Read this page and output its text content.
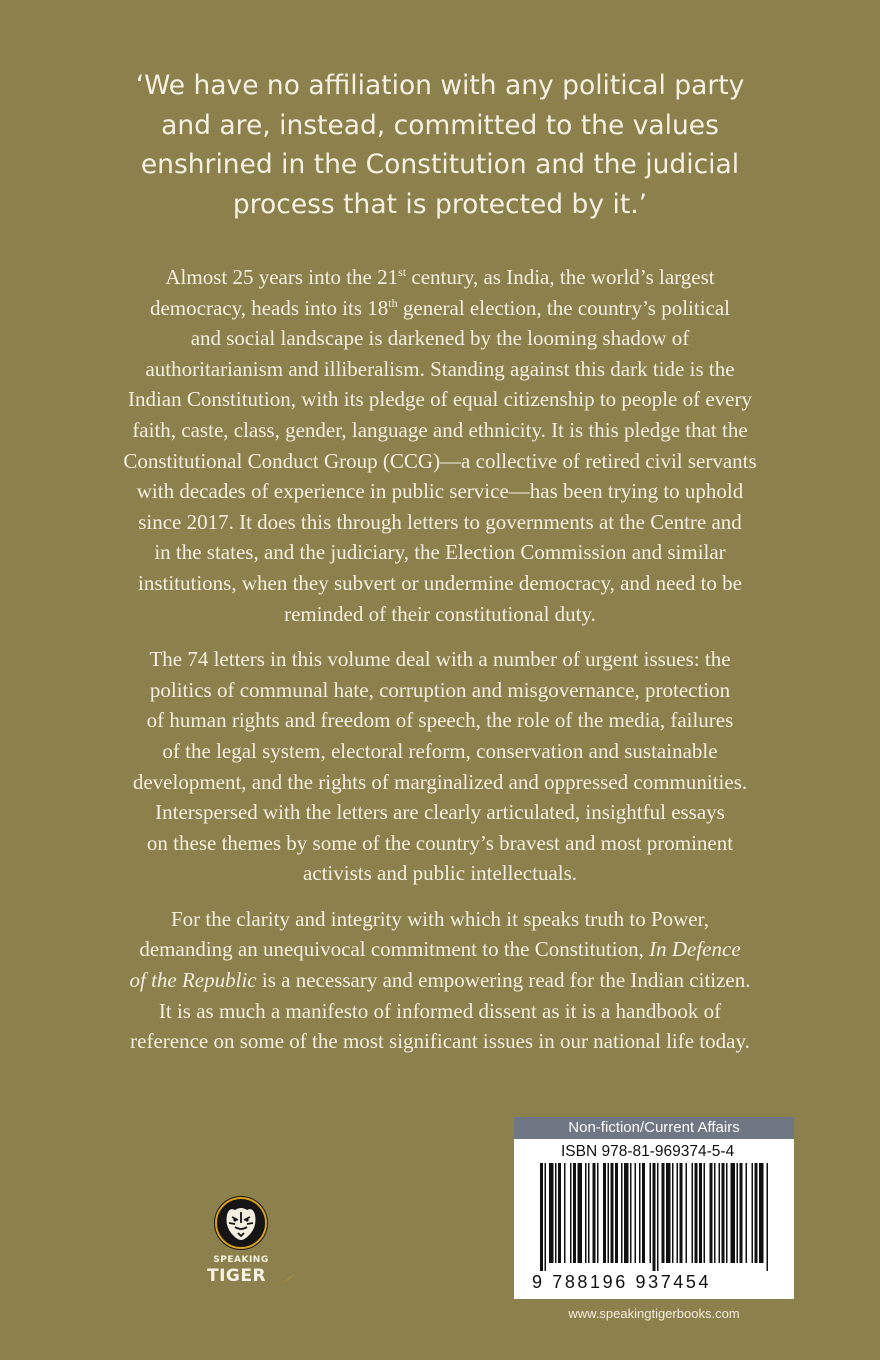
‘We have no affiliation with any political party
and are, instead, committed to the values
enshrined in the Constitution and the judicial
process that is protected by it.’
Almost 25 years into the 21st century, as India, the world’s largest
democracy, heads into its 18th general election, the country’s political
and social landscape is darkened by the looming shadow of
authoritarianism and illiberalism. Standing against this dark tide is the
Indian Constitution, with its pledge of equal citizenship to people of every
faith, caste, class, gender, language and ethnicity. It is this pledge that the
Constitutional Conduct Group (CCG)—a collective of retired civil servants
with decades of experience in public service—has been trying to uphold
since 2017. It does this through letters to governments at the Centre and
in the states, and the judiciary, the Election Commission and similar
institutions, when they subvert or undermine democracy, and need to be
reminded of their constitutional duty.
The 74 letters in this volume deal with a number of urgent issues: the
politics of communal hate, corruption and misgovernance, protection
of human rights and freedom of speech, the role of the media, failures
of the legal system, electoral reform, conservation and sustainable
development, and the rights of marginalized and oppressed communities.
Interspersed with the letters are clearly articulated, insightful essays
on these themes by some of the country’s bravest and most prominent
activists and public intellectuals.
For the clarity and integrity with which it speaks truth to Power,
demanding an unequivocal commitment to the Constitution, In Defence
of the Republic is a necessary and empowering read for the Indian citizen.
It is as much a manifesto of informed dissent as it is a handbook of
reference on some of the most significant issues in our national life today.
SPEAKING
TIGER
Non-fiction/Current Affairs
ISBN 978-81-969374-5-4
9 788196 937454
www.speakingtigerbooks.com
